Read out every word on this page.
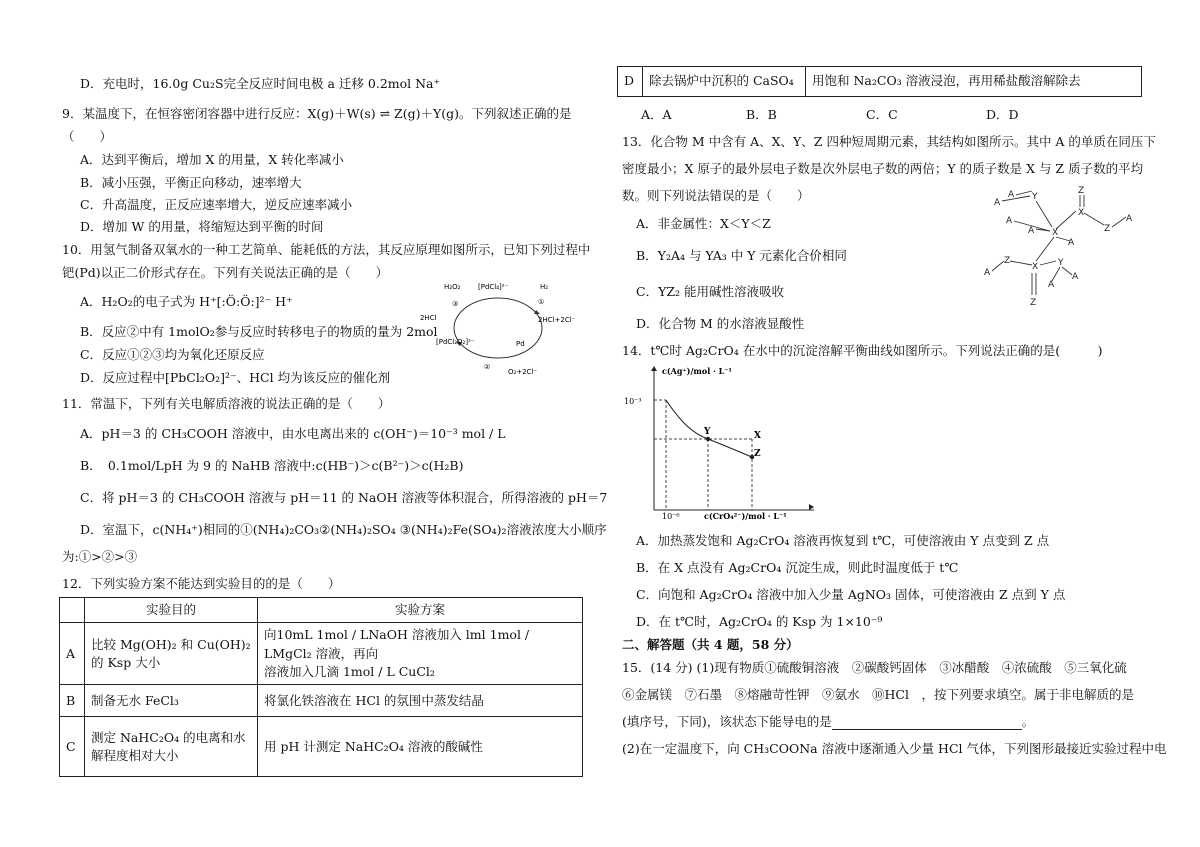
D．充电时，16.0g Cu₂S完全反应时间电极 a 迁移 0.2mol Na⁺
9．某温度下，在恒容密闭容器中进行反应：X(g)＋W(s) ⇌ Z(g)＋Y(g)。下列叙述正确的是
（　　）
A．达到平衡后，增加 X 的用量，X 转化率减小
B．减小压强，平衡正向移动，速率增大
C．升高温度，正反应速率增大，逆反应速率减小
D．增加 W 的用量，将缩短达到平衡的时间
10．用氢气制备双氧水的一种工艺简单、能耗低的方法，其反应原理如图所示，已知下列过程中
钯(Pd)以正二价形式存在。下列有关说法正确的是（　　）
A．H₂O₂的电子式为 H⁺[:Ö:Ö:]²⁻ H⁺
B．反应②中有 1molO₂参与反应时转移电子的物质的量为 2mol
C．反应①②③均为氧化还原反应
D．反应过程中[PbCl₂O₂]²⁻、HCl 均为该反应的催化剂
H₂O₂	[PdCl₄]²⁻	H₂
2HCl	2HCl+2Cl⁻
[PdCl₂O₂]²⁻	Pd
O₂+2Cl⁻
①
②
③
11．常温下，下列有关电解质溶液的说法正确的是（　　）
A．pH＝3 的 CH₃COOH 溶液中，由水电离出来的 c(OH⁻)＝10⁻³ mol / L
B．　0.1mol/LpH 为 9 的 NaHB 溶液中:c(HB⁻)＞c(B²⁻)＞c(H₂B)
C．将 pH＝3 的 CH₃COOH 溶液与 pH＝11 的 NaOH 溶液等体积混合，所得溶液的 pH＝7
D．室温下，c(NH₄⁺)相同的①(NH₄)₂CO₃②(NH₄)₂SO₄ ③(NH₄)₂Fe(SO₄)₂溶液浓度大小顺序
为:①>②>③
12．下列实验方案不能达到实验目的的是（　　）
	实验目的	实验方案
A	比较 Mg(OH)₂ 和 Cu(OH)₂
的 Ksp 大小	向10mL 1mol / LNaOH 溶液加入 lml 1mol / LMgCl₂ 溶液，再向
溶液加入几滴 1mol / L CuCl₂
B	制备无水 FeCl₃	将氯化铁溶液在 HCl 的氛围中蒸发结晶
C	测定 NaHC₂O₄ 的电离和水
解程度相对大小	用 pH 计测定 NaHC₂O₄ 溶液的酸碱性
D	除去锅炉中沉积的 CaSO₄	用饱和 Na₂CO₃ 溶液浸泡，再用稀盐酸溶解除去
A．A	B．B	C．C	D．D
13．化合物 M 中含有 A、X、Y、Z 四种短周期元素，其结构如图所示。其中 A 的单质在同压下
密度最小；X 原子的最外层电子数是次外层电子数的两倍；Y 的质子数是 X 与 Z 质子数的平均
数。则下列说法错误的是（　　）
A．非金属性：X＜Y＜Z
B．Y₂A₄ 与 YA₃ 中 Y 元素化合价相同
C．YZ₂ 能用碱性溶液吸收
D．化合物 M 的水溶液显酸性
A
A Y
Z
X
A
Z
X
A
A
A
Z
X Y
A	A
A
Z
14．t℃时 Ag₂CrO₄ 在水中的沉淀溶解平衡曲线如图所示。下列说法正确的是(　　　)
c(Ag⁺)/mol · L⁻¹
c(CrO₄²⁻)/mol · L⁻¹
10⁻³
10⁻⁶
Y	X
Z
A．加热蒸发饱和 Ag₂CrO₄ 溶液再恢复到 t℃，可使溶液由 Y 点变到 Z 点
B．在 X 点没有 Ag₂CrO₄ 沉淀生成，则此时温度低于 t℃
C．向饱和 Ag₂CrO₄ 溶液中加入少量 AgNO₃ 固体，可使溶液由 Z 点到 Y 点
D．在 t℃时，Ag₂CrO₄ 的 Ksp 为 1×10⁻⁹
二、解答题（共 4 题，58 分）
15．(14 分) (1)现有物质①硫酸铜溶液　②碳酸钙固体　③冰醋酸　④浓硫酸　⑤三氧化硫
⑥金属镁　⑦石墨　⑧熔融苛性钾　⑨氨水　⑩HCl　，按下列要求填空。属于非电解质的是
(填序号，下同)，该状态下能导电的是	。
(2)在一定温度下，向 CH₃COONa 溶液中逐渐通入少量 HCl 气体，下列图形最接近实验过程中电
